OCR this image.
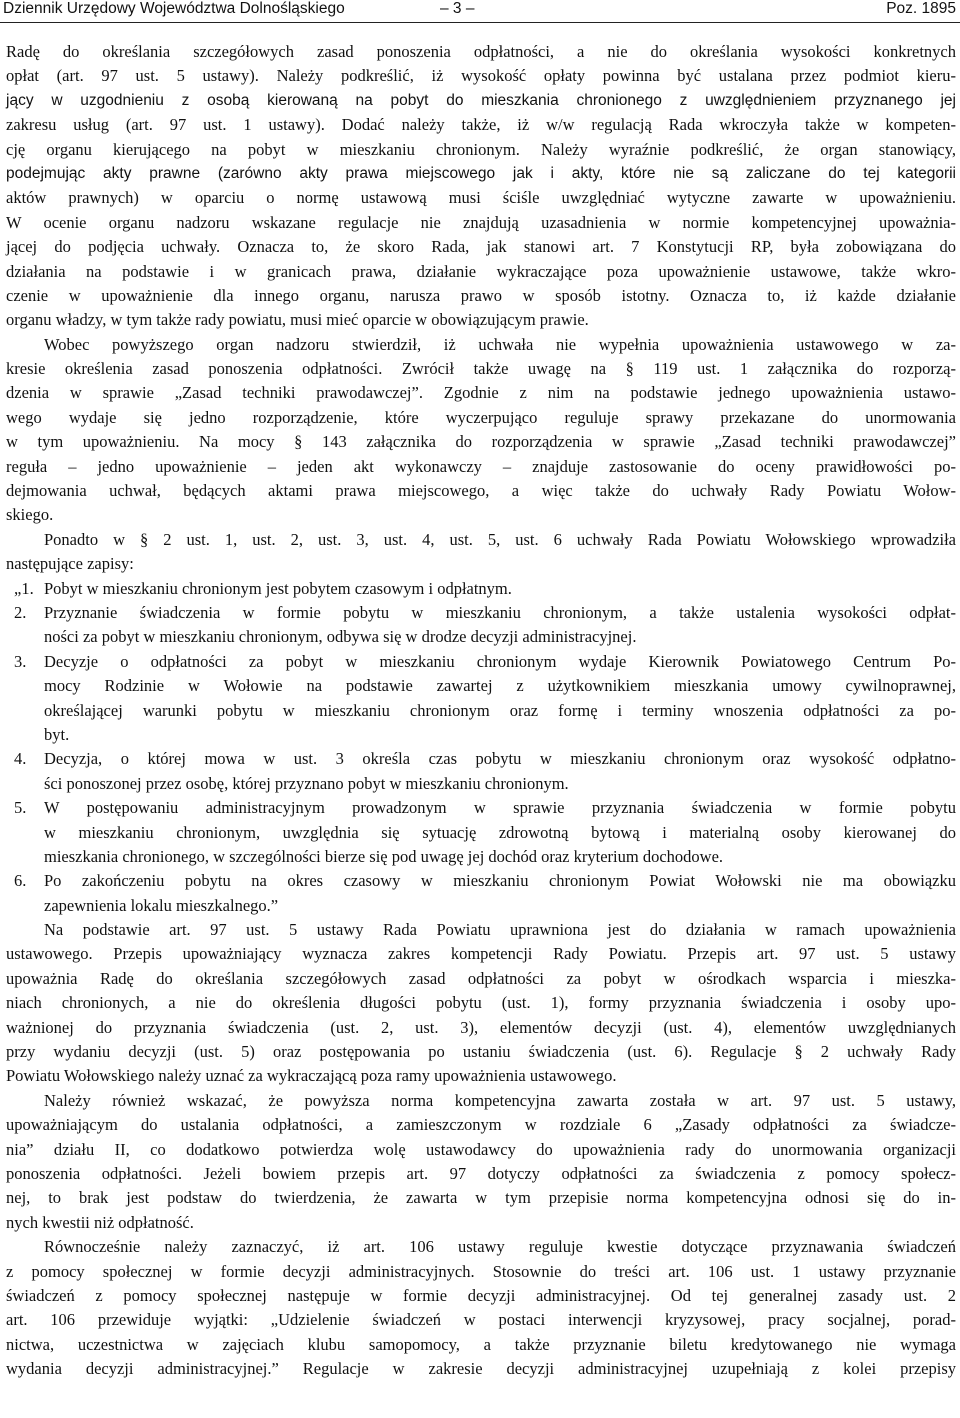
Dziennik Urzędowy Województwa Dolnośląskiego	– 3 –	Poz. 1895
Radę do określania szczegółowych zasad ponoszenia odpłatności, a nie do określania wysokości konkretnych
opłat (art. 97 ust. 5 ustawy). Należy podkreślić, iż wysokość opłaty powinna być ustalana przez podmiot kieru-
jący w uzgodnieniu z osobą kierowaną na pobyt do mieszkania chronionego z uwzględnieniem przyznanego jej
zakresu usług (art. 97 ust. 1 ustawy). Dodać należy także, iż w/w regulacją Rada wkroczyła także w kompeten-
cję organu kierującego na pobyt w mieszkaniu chronionym. Należy wyraźnie podkreślić, że organ stanowiący,
podejmując akty prawne (zarówno akty prawa miejscowego jak i akty, które nie są zaliczane do tej kategorii
aktów prawnych) w oparciu o normę ustawową musi ściśle uwzględniać wytyczne zawarte w upoważnieniu.
W ocenie organu nadzoru wskazane regulacje nie znajdują uzasadnienia w normie kompetencyjnej upoważnia-
jącej do podjęcia uchwały. Oznacza to, że skoro Rada, jak stanowi art. 7 Konstytucji RP, była zobowiązana do
działania na podstawie i w granicach prawa, działanie wykraczające poza upoważnienie ustawowe, także wkro-
czenie w upoważnienie dla innego organu, narusza prawo w sposób istotny. Oznacza to, iż każde działanie
organu władzy, w tym także rady powiatu, musi mieć oparcie w obowiązującym prawie.
Wobec powyższego organ nadzoru stwierdził, iż uchwała nie wypełnia upoważnienia ustawowego w za-
kresie określenia zasad ponoszenia odpłatności. Zwrócił także uwagę na § 119 ust. 1 załącznika do rozporzą-
dzenia w sprawie „Zasad techniki prawodawczej”. Zgodnie z nim na podstawie jednego upoważnienia ustawo-
wego wydaje się jedno rozporządzenie, które wyczerpująco reguluje sprawy przekazane do unormowania
w tym upoważnieniu. Na mocy § 143 załącznika do rozporządzenia w sprawie „Zasad techniki prawodawczej”
reguła – jedno upoważnienie – jeden akt wykonawczy – znajduje zastosowanie do oceny prawidłowości po-
dejmowania uchwał, będących aktami prawa miejscowego, a więc także do uchwały Rady Powiatu Wołow-
skiego.
Ponadto w § 2 ust. 1, ust. 2, ust. 3, ust. 4, ust. 5, ust. 6 uchwały Rada Powiatu Wołowskiego wprowadziła
następujące zapisy:
„1. Pobyt w mieszkaniu chronionym jest pobytem czasowym i odpłatnym.
2.	Przyznanie świadczenia w formie pobytu w mieszkaniu chronionym, a także ustalenia wysokości odpłat-
ności za pobyt w mieszkaniu chronionym, odbywa się w drodze decyzji administracyjnej.
3.	Decyzje o odpłatności za pobyt w mieszkaniu chronionym wydaje Kierownik Powiatowego Centrum Po-
mocy Rodzinie w Wołowie na podstawie zawartej z użytkownikiem mieszkania umowy cywilnoprawnej,
określającej warunki pobytu w mieszkaniu chronionym oraz formę i terminy wnoszenia odpłatności za po-
byt.
4.	Decyzja, o której mowa w ust. 3 określa czas pobytu w mieszkaniu chronionym oraz wysokość odpłatno-
ści ponoszonej przez osobę, której przyznano pobyt w mieszkaniu chronionym.
5.	W postępowaniu administracyjnym prowadzonym w sprawie przyznania świadczenia w formie pobytu
w mieszkaniu chronionym, uwzględnia się sytuację zdrowotną bytową i materialną osoby kierowanej do
mieszkania chronionego, w szczególności bierze się pod uwagę jej dochód oraz kryterium dochodowe.
6.	Po zakończeniu pobytu na okres czasowy w mieszkaniu chronionym Powiat Wołowski nie ma obowiązku
zapewnienia lokalu mieszkalnego.”
Na podstawie art. 97 ust. 5 ustawy Rada Powiatu uprawniona jest do działania w ramach upoważnienia
ustawowego. Przepis upoważniający wyznacza zakres kompetencji Rady Powiatu. Przepis art. 97 ust. 5 ustawy
upoważnia Radę do określania szczegółowych zasad odpłatności za pobyt w ośrodkach wsparcia i mieszka-
niach chronionych, a nie do określenia długości pobytu (ust. 1), formy przyznania świadczenia i osoby upo-
ważnionej do przyznania świadczenia (ust. 2, ust. 3), elementów decyzji (ust. 4), elementów uwzględnianych
przy wydaniu decyzji (ust. 5) oraz postępowania po ustaniu świadczenia (ust. 6). Regulacje § 2 uchwały Rady
Powiatu Wołowskiego należy uznać za wykraczającą poza ramy upoważnienia ustawowego.
Należy również wskazać, że powyższa norma kompetencyjna zawarta została w art. 97 ust. 5 ustawy,
upoważniającym do ustalania odpłatności, a zamieszczonym w rozdziale 6 „Zasady odpłatności za świadcze-
nia” działu II, co dodatkowo potwierdza wolę ustawodawcy do upoważnienia rady do unormowania organizacji
ponoszenia odpłatności. Jeżeli bowiem przepis art. 97 dotyczy odpłatności za świadczenia z pomocy społecz-
nej, to brak jest podstaw do twierdzenia, że zawarta w tym przepisie norma kompetencyjna odnosi się do in-
nych kwestii niż odpłatność.
Równocześnie należy zaznaczyć, iż art. 106 ustawy reguluje kwestie dotyczące przyznawania świadczeń
z pomocy społecznej w formie decyzji administracyjnych. Stosownie do treści art. 106 ust. 1 ustawy przyznanie
świadczeń z pomocy społecznej następuje w formie decyzji administracyjnej. Od tej generalnej zasady ust. 2
art. 106 przewiduje wyjątki: „Udzielenie świadczeń w postaci interwencji kryzysowej, pracy socjalnej, porad-
nictwa, uczestnictwa w zajęciach klubu samopomocy, a także przyznanie biletu kredytowanego nie wymaga
wydania decyzji administracyjnej.” Regulacje w zakresie decyzji administracyjnej uzupełniają z kolei przepisy
